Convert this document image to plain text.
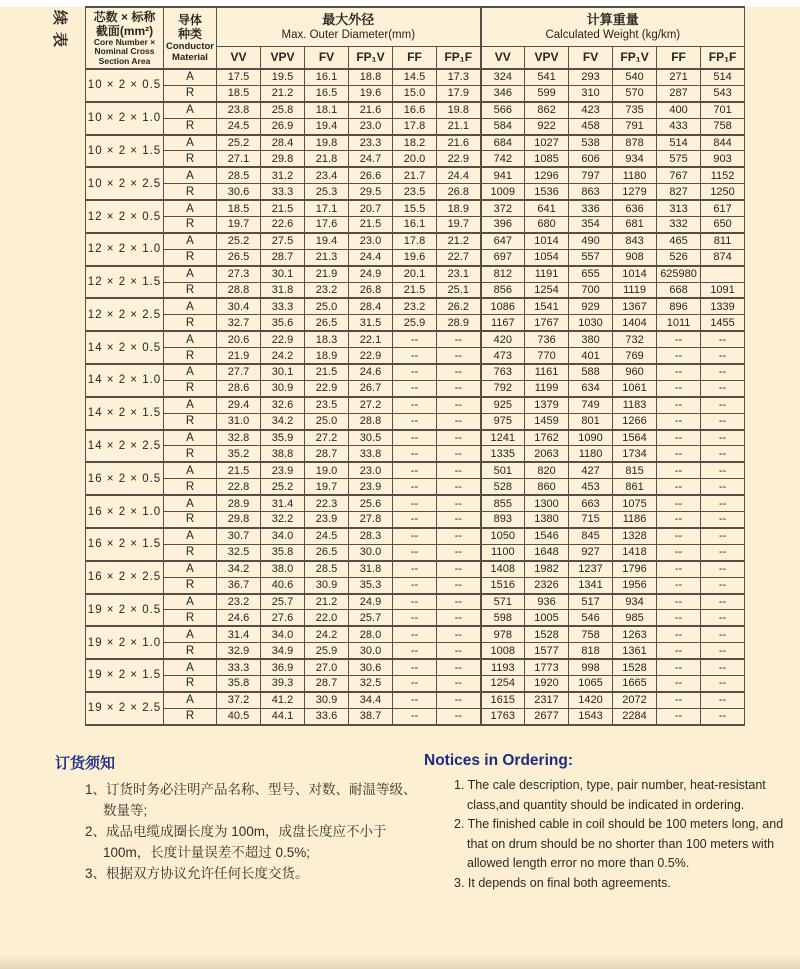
续表	芯数 × 标称
截面(mm²)
Core Number ×
Nominal Cross
Section Area	导体
种类
Conductor
Material	最大外径
Max. Outer Diameter(mm)						计算重量
Calculated Weight (kg/km)					

		VV	VPV	FV	FP₁V	FF	FP₁F	VV	VPV	FV	FP₁V	FF	FP₁F
10 × 2 × 0.5	A	17.5	19.5	16.1	18.8	14.5	17.3	324	541	293	540	271	514
	R	18.5	21.2	16.5	19.6	15.0	17.9	346	599	310	570	287	543
10 × 2 × 1.0	A	23.8	25.8	18.1	21.6	16.6	19.8	566	862	423	735	400	701
	R	24.5	26.9	19.4	23.0	17.8	21.1	584	922	458	791	433	758
10 × 2 × 1.5	A	25.2	28.4	19.8	23.3	18.2	21.6	684	1027	538	878	514	844
	R	27.1	29.8	21.8	24.7	20.0	22.9	742	1085	606	934	575	903
10 × 2 × 2.5	A	28.5	31.2	23.4	26.6	21.7	24.4	941	1296	797	1180	767	1152
	R	30.6	33.3	25.3	29.5	23.5	26.8	1009	1536	863	1279	827	1250
12 × 2 × 0.5	A	18.5	21.5	17.1	20.7	15.5	18.9	372	641	336	636	313	617
	R	19.7	22.6	17.6	21.5	16.1	19.7	396	680	354	681	332	650
12 × 2 × 1.0	A	25.2	27.5	19.4	23.0	17.8	21.2	647	1014	490	843	465	811
	R	26.5	28.7	21.3	24.4	19.6	22.7	697	1054	557	908	526	874
12 × 2 × 1.5	A	27.3	30.1	21.9	24.9	20.1	23.1	812	1191	655	1014	625980	
	R	28.8	31.8	23.2	26.8	21.5	25.1	856	1254	700	1119	668	1091
12 × 2 × 2.5	A	30.4	33.3	25.0	28.4	23.2	26.2	1086	1541	929	1367	896	1339
	R	32.7	35.6	26.5	31.5	25.9	28.9	1167	1767	1030	1404	1011	1455
14 × 2 × 0.5	A	20.6	22.9	18.3	22.1	--	--	420	736	380	732	--	--
	R	21.9	24.2	18.9	22.9	--	--	473	770	401	769	--	--
14 × 2 × 1.0	A	27.7	30.1	21.5	24.6	--	--	763	1161	588	960	--	--
	R	28.6	30.9	22.9	26.7	--	--	792	1199	634	1061	--	--
14 × 2 × 1.5	A	29.4	32.6	23.5	27.2	--	--	925	1379	749	1183	--	--
	R	31.0	34.2	25.0	28.8	--	--	975	1459	801	1266	--	--
14 × 2 × 2.5	A	32.8	35.9	27.2	30.5	--	--	1241	1762	1090	1564	--	--
	R	35.2	38.8	28.7	33.8	--	--	1335	2063	1180	1734	--	--
16 × 2 × 0.5	A	21.5	23.9	19.0	23.0	--	--	501	820	427	815	--	--
	R	22.8	25.2	19.7	23.9	--	--	528	860	453	861	--	--
16 × 2 × 1.0	A	28.9	31.4	22.3	25.6	--	--	855	1300	663	1075	--	--
	R	29.8	32.2	23.9	27.8	--	--	893	1380	715	1186	--	--
16 × 2 × 1.5	A	30.7	34.0	24.5	28.3	--	--	1050	1546	845	1328	--	--
	R	32.5	35.8	26.5	30.0	--	--	1100	1648	927	1418	--	--
16 × 2 × 2.5	A	34.2	38.0	28.5	31.8	--	--	1408	1982	1237	1796	--	--
	R	36.7	40.6	30.9	35.3	--	--	1516	2326	1341	1956	--	--
19 × 2 × 0.5	A	23.2	25.7	21.2	24.9	--	--	571	936	517	934	--	--
	R	24.6	27.6	22.0	25.7	--	--	598	1005	546	985	--	--
19 × 2 × 1.0	A	31.4	34.0	24.2	28.0	--	--	978	1528	758	1263	--	--
	R	32.9	34.9	25.9	30.0	--	--	1008	1577	818	1361	--	--
19 × 2 × 1.5	A	33.3	36.9	27.0	30.6	--	--	1193	1773	998	1528	--	--
	R	35.8	39.3	28.7	32.5	--	--	1254	1920	1065	1665	--	--
19 × 2 × 2.5	A	37.2	41.2	30.9	34.4	--	--	1615	2317	1420	2072	--	--
	R	40.5	44.1	33.6	38.7	--	--	1763	2677	1543	2284	--	--
订货须知
1、订货时务必注明产品名称、型号、对数、耐温等级、数量等;
2、成品电缆成圈长度为 100m，成盘长度应不小于 100m，长度计量误差不超过 0.5%;
3、根据双方协议允许任何长度交货。
Notices in Ordering:
1. The cale description, type, pair number, heat-resistant class,and quantity should be indicated in ordering.
2. The finished cable in coil should be 100 meters long, and that on drum should be no shorter than 100 meters with allowed length error no more than 0.5%.
3. It depends on final both agreements.
